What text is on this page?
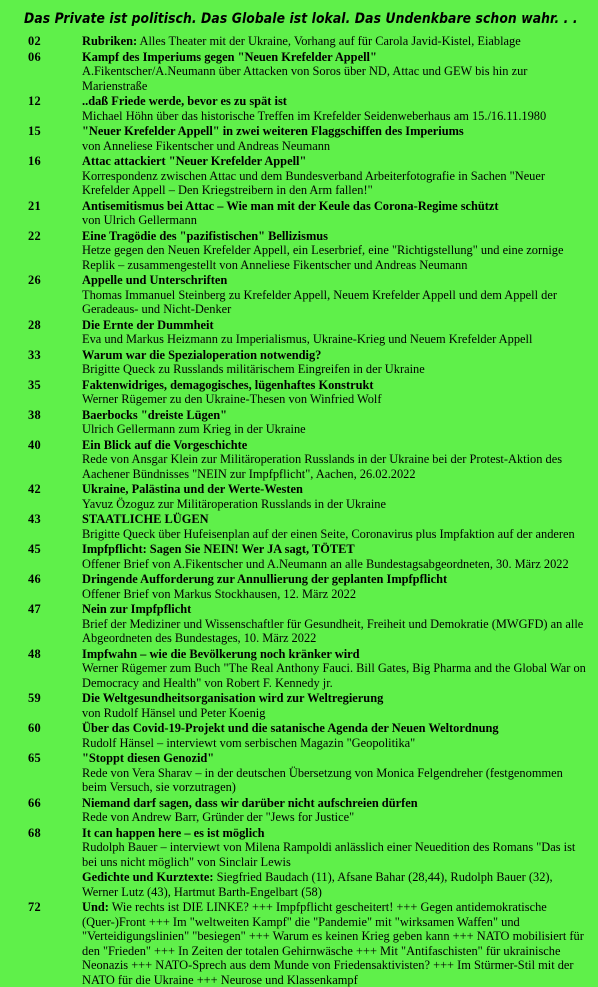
Das Private ist politisch. Das Globale ist lokal. Das Undenkbare schon wahr. . .
02	Rubriken: Alles Theater mit der Ukraine, Vorhang auf für Carola Javid-Kistel, Eiablage
06	Kampf des Imperiums gegen "Neuen Krefelder Appell"
A.Fikentscher/A.Neumann über Attacken von Soros über ND, Attac und GEW bis hin zur Marienstraße
12	..daß Friede werde, bevor es zu spät ist
Michael Höhn über das historische Treffen im Krefelder Seidenweberhaus am 15./16.11.1980
15	"Neuer Krefelder Appell" in zwei weiteren Flaggschiffen des Imperiums
von Anneliese Fikentscher und Andreas Neumann
16	Attac attackiert "Neuer Krefelder Appell"
Korrespondenz zwischen Attac und dem Bundesverband Arbeiterfotografie in Sachen "Neuer Krefelder Appell – Den Kriegstreibern in den Arm fallen!"
21	Antisemitismus bei Attac – Wie man mit der Keule das Corona-Regime schützt
von Ulrich Gellermann
22	Eine Tragödie des "pazifistischen" Bellizismus
Hetze gegen den Neuen Krefelder Appell, ein Leserbrief, eine "Richtigstellung" und eine zornige Replik – zusammengestellt von Anneliese Fikentscher und Andreas Neumann
26	Appelle und Unterschriften
Thomas Immanuel Steinberg zu Krefelder Appell, Neuem Krefelder Appell und dem Appell der Geradeaus- und Nicht-Denker
28	Die Ernte der Dummheit
Eva und Markus Heizmann zu Imperialismus, Ukraine-Krieg und Neuem Krefelder Appell
33	Warum war die Spezialoperation notwendig?
Brigitte Queck zu Russlands militärischem Eingreifen in der Ukraine
35	Faktenwidriges, demagogisches, lügenhaftes Konstrukt
Werner Rügemer zu den Ukraine-Thesen von Winfried Wolf
38	Baerbocks "dreiste Lügen"
Ulrich Gellermann zum Krieg in der Ukraine
40	Ein Blick auf die Vorgeschichte
Rede von Ansgar Klein zur Militäroperation Russlands in der Ukraine bei der Protest-Aktion des Aachener Bündnisses "NEIN zur Impfpflicht", Aachen, 26.02.2022
42	Ukraine, Palästina und der Werte-Westen
Yavuz Özoguz zur Militäroperation Russlands in der Ukraine
43	STAATLICHE LÜGEN
Brigitte Queck über Hufeisenplan auf der einen Seite, Coronavirus plus Impfaktion auf der anderen
45	Impfpflicht: Sagen Sie NEIN! Wer JA sagt, TÖTET
Offener Brief von A.Fikentscher und A.Neumann an alle Bundestagsabgeordneten, 30. März 2022
46	Dringende Aufforderung zur Annullierung der geplanten Impfpflicht
Offener Brief von Markus Stockhausen, 12. März 2022
47	Nein zur Impfpflicht
Brief der Mediziner und Wissenschaftler für Gesundheit, Freiheit und Demokratie (MWGFD) an alle Abgeordneten des Bundestages, 10. März 2022
48	Impfwahn – wie die Bevölkerung noch kränker wird
Werner Rügemer zum Buch "The Real Anthony Fauci. Bill Gates, Big Pharma and the Global War on Democracy and Health" von Robert F. Kennedy jr.
59	Die Weltgesundheitsorganisation wird zur Weltregierung
von Rudolf Hänsel und Peter Koenig
60	Über das Covid-19-Projekt und die satanische Agenda der Neuen Weltordnung
Rudolf Hänsel – interviewt vom serbischen Magazin "Geopolitika"
65	"Stoppt diesen Genozid"
Rede von Vera Sharav – in der deutschen Übersetzung von Monica Felgendreher (festgenommen beim Versuch, sie vorzutragen)
66	Niemand darf sagen, dass wir darüber nicht aufschreien dürfen
Rede von Andrew Barr, Gründer der "Jews for Justice"
68	It can happen here – es ist möglich
Rudolph Bauer – interviewt von Milena Rampoldi anlässlich einer Neuedition des Romans "Das ist bei uns nicht möglich" von Sinclair Lewis
Gedichte und Kurztexte: Siegfried Baudach (11), Afsane Bahar (28,44), Rudolph Bauer (32), Werner Lutz (43), Hartmut Barth-Engelbart (58)
72	Und: Wie rechts ist DIE LINKE? +++ Impfpflicht gescheitert! +++ Gegen antidemokratische (Quer-)Front +++ Im "weltweiten Kampf" die "Pandemie" mit "wirksamen Waffen" und "Verteidigungslinien" "besiegen" +++ Warum es keinen Krieg geben kann +++ NATO mobilisiert für den "Frieden" +++ In Zeiten der totalen Gehirnwäsche +++ Mit "Antifaschisten" für ukrainische Neonazis +++ NATO-Sprech aus dem Munde von Friedensaktivisten? +++ Im Stürmer-Stil mit der NATO für die Ukraine +++ Neurose und Klassenkampf
